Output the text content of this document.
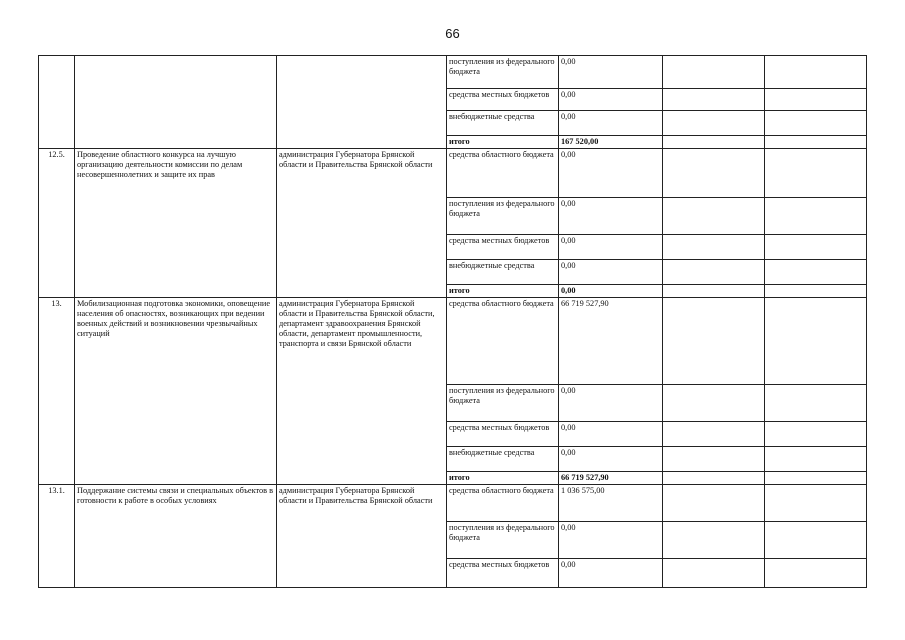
66
			поступления из федерального бюджета	0,00			
			средства местных бюджетов	0,00			
			внебюджетные средства	0,00			
			итого	167 520,00			
12.5.	Проведение областного конкурса на лучшую организацию деятельности комиссии по делам несовершеннолетних и защите их прав	администрация Губернатора Брянской области и Правительства Брянской области	средства областного бюджета	0,00			
			поступления из федерального бюджета	0,00			
			средства местных бюджетов	0,00			
			внебюджетные средства	0,00			
			итого	0,00			
13.	Мобилизационная подготовка экономики, оповещение населения об опасностях, возникающих при ведении военных действий и возникновении чрезвычайных ситуаций	администрация Губернатора Брянской области и Правительства Брянской области, департамент здравоохранения Брянской области, департамент промышленности, транспорта и связи Брянской области	средства областного бюджета	66 719 527,90			
			поступления из федерального бюджета	0,00			
			средства местных бюджетов	0,00			
			внебюджетные средства	0,00			
			итого	66 719 527,90			
13.1.	Поддержание системы связи и специальных объектов в готовности к работе в особых условиях	администрация Губернатора Брянской области и Правительства Брянской области	средства областного бюджета	1 036 575,00			
			поступления из федерального бюджета	0,00			
			средства местных бюджетов	0,00			
